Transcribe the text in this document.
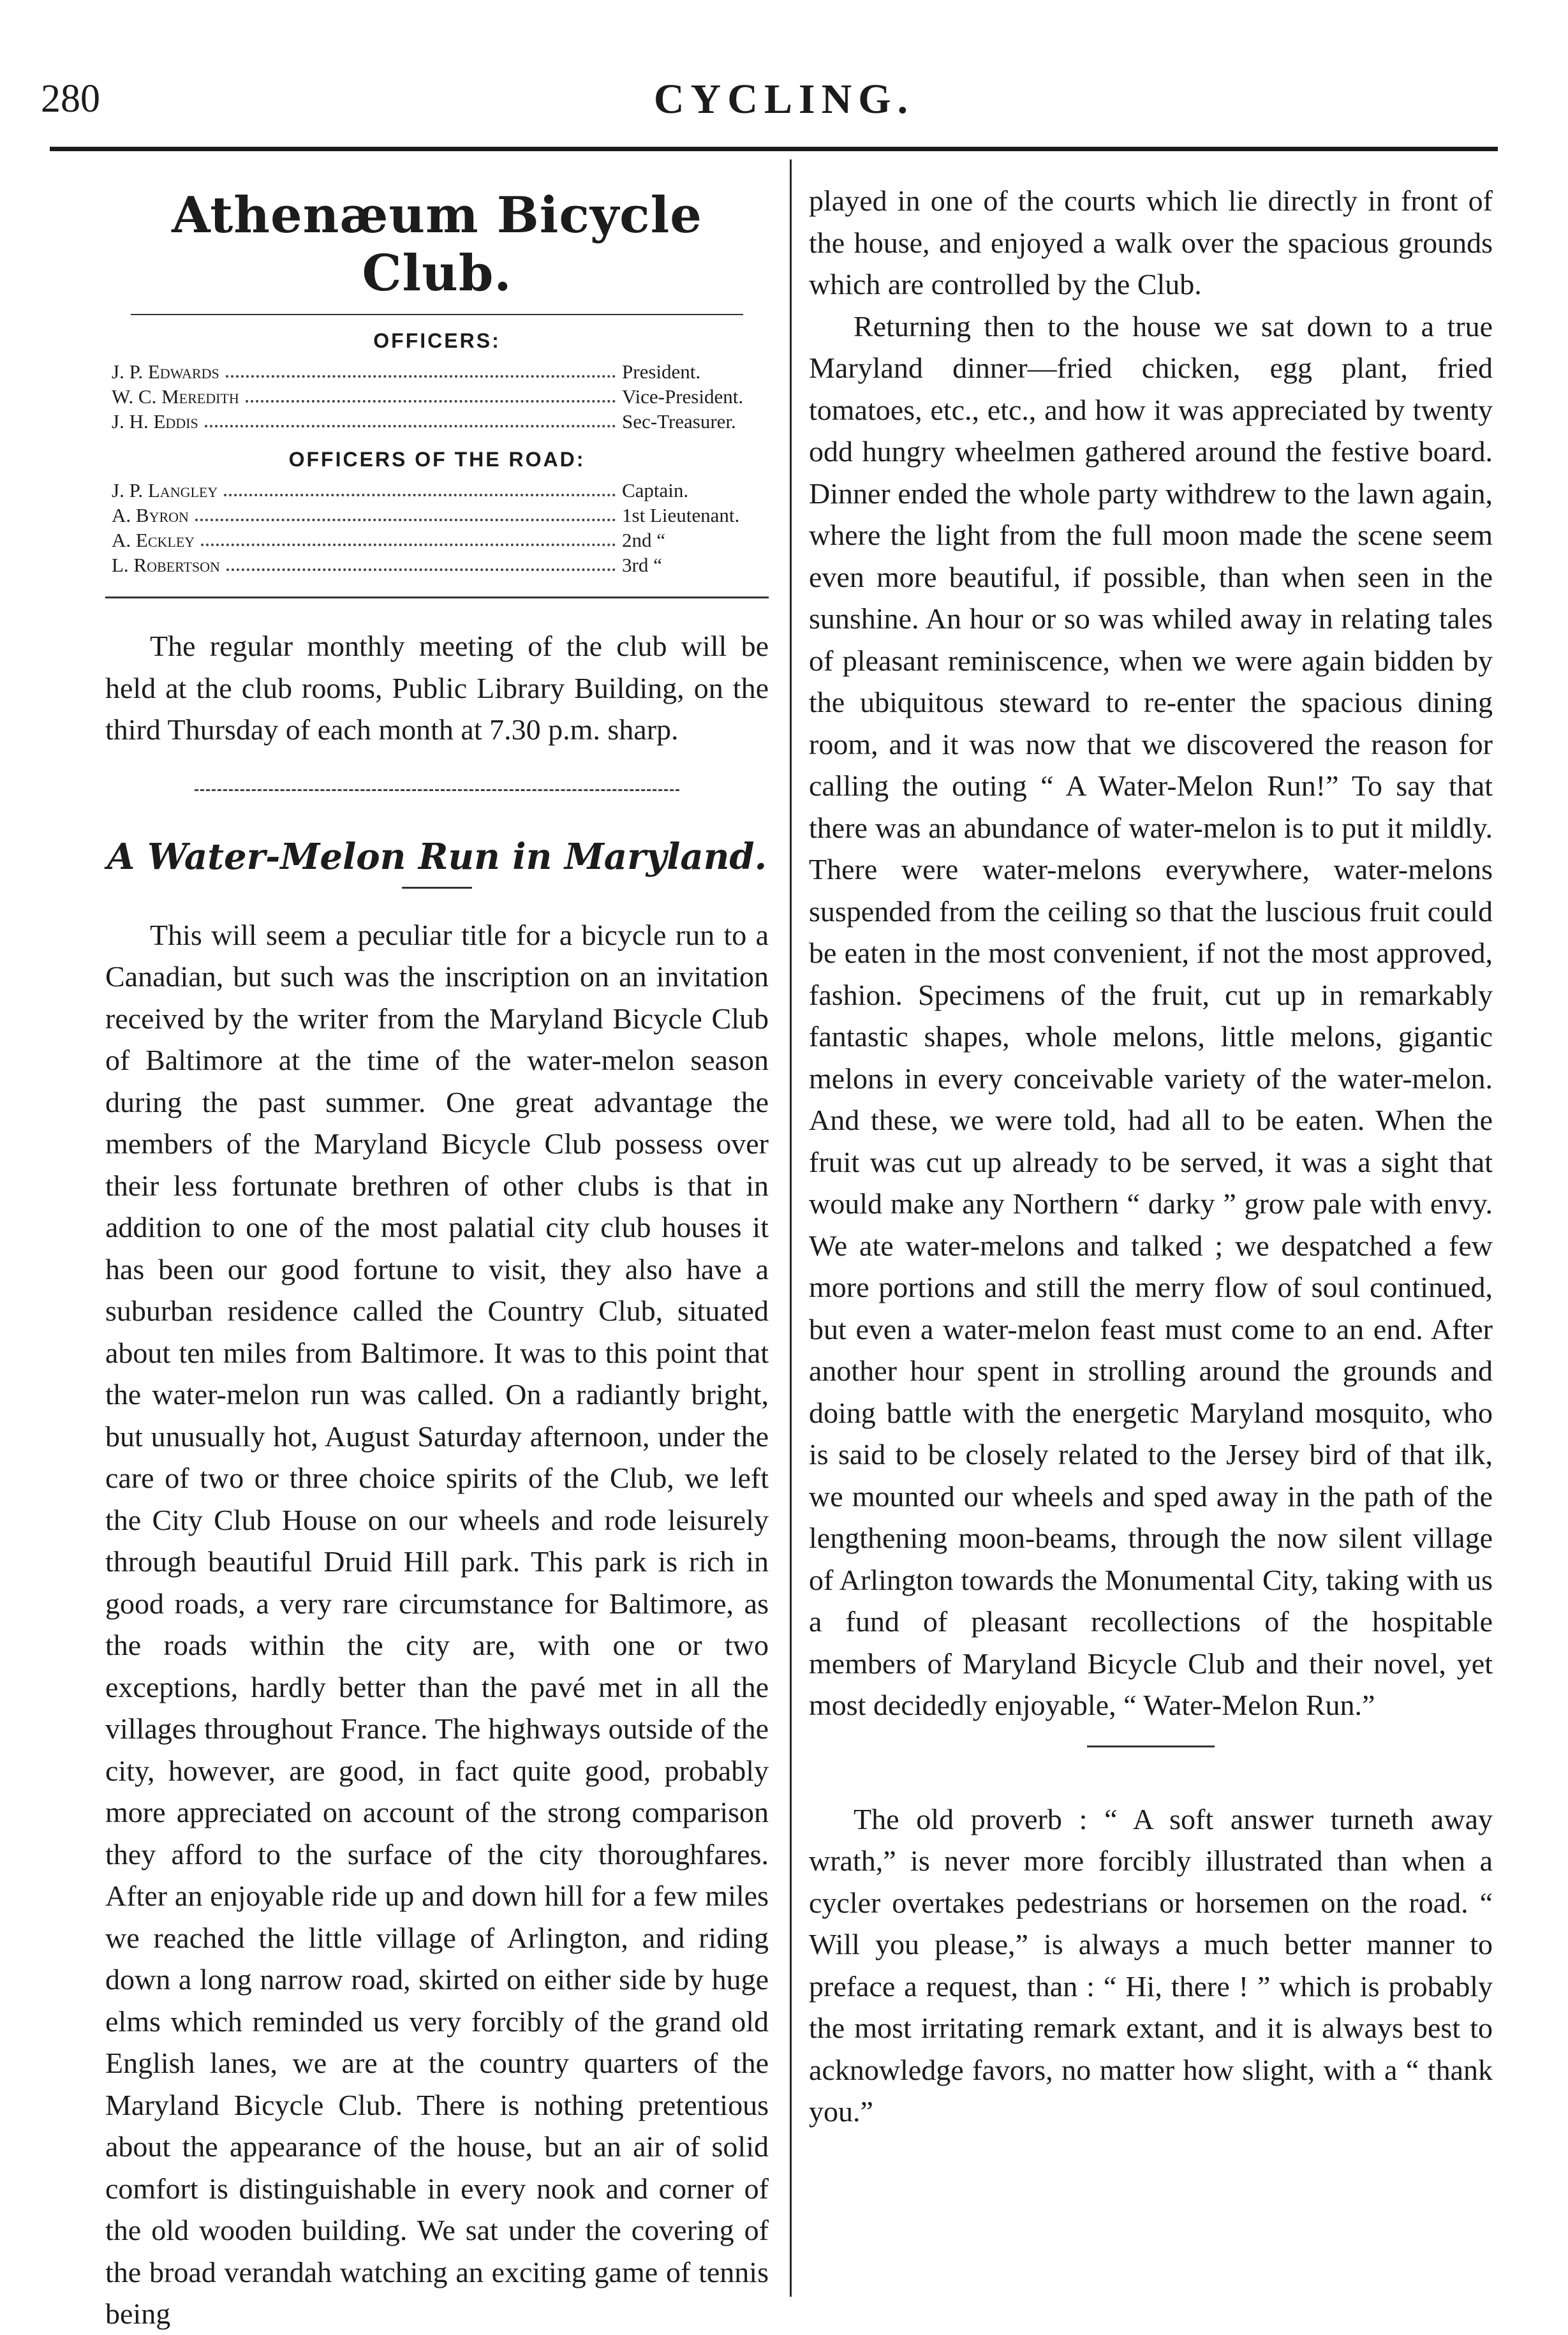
280	CYCLING.
Athenæum Bicycle Club.
OFFICERS:
J. P. Edwards	President.
W. C. Meredith	Vice-President.
J. H. Eddis	Sec-Treasurer.
OFFICERS OF THE ROAD:
J. P. Langley	Captain.
A. Byron	1st Lieutenant.
A. Eckley	2nd “
L. Robertson	3rd “

The regular monthly meeting of the club will be held at the club rooms, Public Library Building, on the third Thursday of each month at 7.30 p.m. sharp.

A Water-Melon Run in Maryland.

This will seem a peculiar title for a bicycle run to a Canadian, but such was the inscription on an invitation received by the writer from the Maryland Bicycle Club of Baltimore at the time of the water-melon season during the past summer. One great advantage the members of the Maryland Bicycle Club possess over their less fortunate brethren of other clubs is that in addition to one of the most palatial city club houses it has been our good fortune to visit, they also have a suburban residence called the Country Club, situated about ten miles from Baltimore. It was to this point that the water-melon run was called. On a radiantly bright, but unusually hot, August Saturday afternoon, under the care of two or three choice spirits of the Club, we left the City Club House on our wheels and rode leisurely through beautiful Druid Hill park. This park is rich in good roads, a very rare circumstance for Baltimore, as the roads within the city are, with one or two exceptions, hardly better than the pavé met in all the villages throughout France. The highways outside of the city, however, are good, in fact quite good, probably more appreciated on account of the strong comparison they afford to the surface of the city thoroughfares. After an enjoyable ride up and down hill for a few miles we reached the little village of Arlington, and riding down a long narrow road, skirted on either side by huge elms which reminded us very forcibly of the grand old English lanes, we are at the country quarters of the Maryland Bicycle Club. There is nothing pretentious about the appearance of the house, but an air of solid comfort is distinguishable in every nook and corner of the old wooden building. We sat under the covering of the broad verandah watching an exciting game of tennis being

played in one of the courts which lie directly in front of the house, and enjoyed a walk over the spacious grounds which are controlled by the Club.

Returning then to the house we sat down to a true Maryland dinner—fried chicken, egg plant, fried tomatoes, etc., etc., and how it was appreciated by twenty odd hungry wheelmen gathered around the festive board. Dinner ended the whole party withdrew to the lawn again, where the light from the full moon made the scene seem even more beautiful, if possible, than when seen in the sunshine. An hour or so was whiled away in relating tales of pleasant reminiscence, when we were again bidden by the ubiquitous steward to re-enter the spacious dining room, and it was now that we discovered the reason for calling the outing “ A Water-Melon Run!” To say that there was an abundance of water-melon is to put it mildly. There were water-melons everywhere, water-melons suspended from the ceiling so that the luscious fruit could be eaten in the most convenient, if not the most approved, fashion. Specimens of the fruit, cut up in remarkably fantastic shapes, whole melons, little melons, gigantic melons in every conceivable variety of the water-melon. And these, we were told, had all to be eaten. When the fruit was cut up already to be served, it was a sight that would make any Northern “ darky ” grow pale with envy. We ate water-melons and talked ; we despatched a few more portions and still the merry flow of soul continued, but even a water-melon feast must come to an end. After another hour spent in strolling around the grounds and doing battle with the energetic Maryland mosquito, who is said to be closely related to the Jersey bird of that ilk, we mounted our wheels and sped away in the path of the lengthening moon-beams, through the now silent village of Arlington towards the Monumental City, taking with us a fund of pleasant recollections of the hospitable members of Maryland Bicycle Club and their novel, yet most decidedly enjoyable, “ Water-Melon Run.”

The old proverb : “ A soft answer turneth away wrath,” is never more forcibly illustrated than when a cycler overtakes pedestrians or horsemen on the road. “ Will you please,” is always a much better manner to preface a request, than : “ Hi, there ! ” which is probably the most irritating remark extant, and it is always best to acknowledge favors, no matter how slight, with a “ thank you.”
